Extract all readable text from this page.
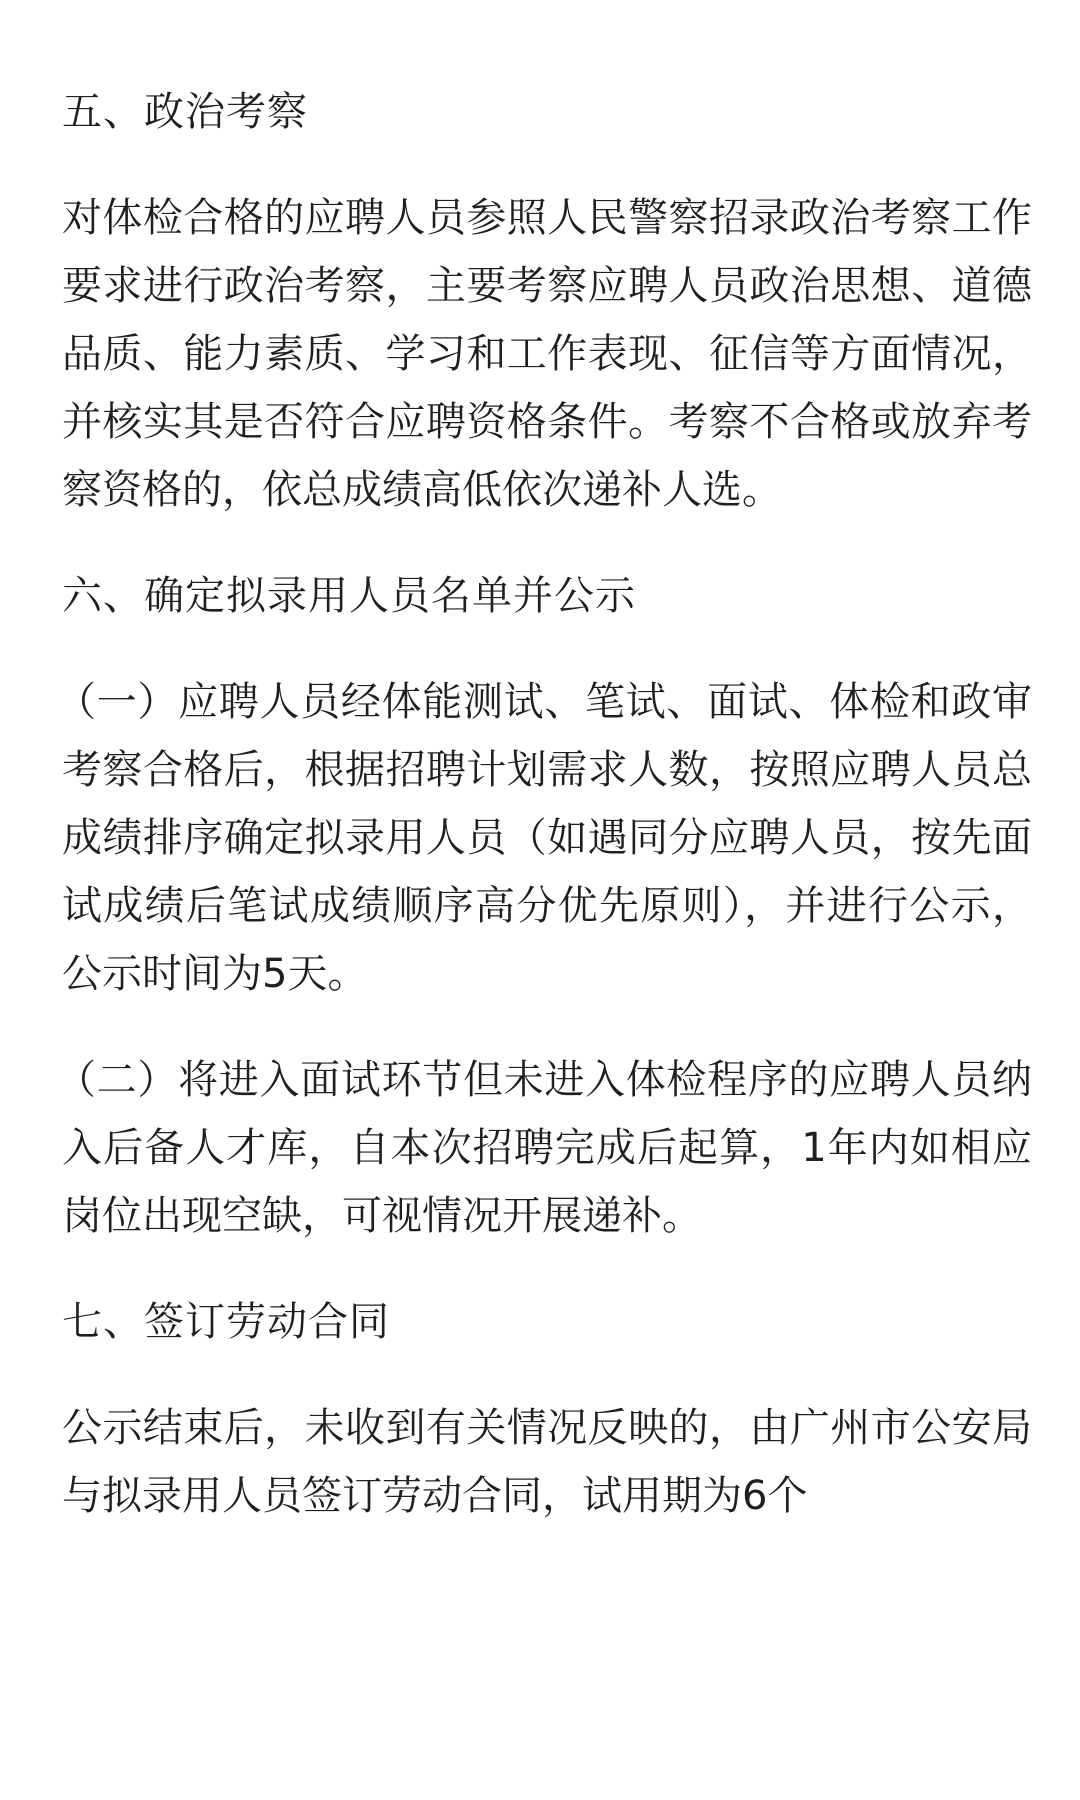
五、政治考察

对体检合格的应聘人员参照人民警察招录政治考察工作要求进行政治考察，主要考察应聘人员政治思想、道德品质、能力素质、学习和工作表现、征信等方面情况，并核实其是否符合应聘资格条件。考察不合格或放弃考察资格的，依总成绩高低依次递补人选。

六、确定拟录用人员名单并公示

（一）应聘人员经体能测试、笔试、面试、体检和政审考察合格后，根据招聘计划需求人数，按照应聘人员总成绩排序确定拟录用人员（如遇同分应聘人员，按先面试成绩后笔试成绩顺序高分优先原则），并进行公示，公示时间为5天。

（二）将进入面试环节但未进入体检程序的应聘人员纳入后备人才库，自本次招聘完成后起算，1年内如相应岗位出现空缺，可视情况开展递补。

七、签订劳动合同

公示结束后，未收到有关情况反映的，由广州市公安局与拟录用人员签订劳动合同，试用期为6个
